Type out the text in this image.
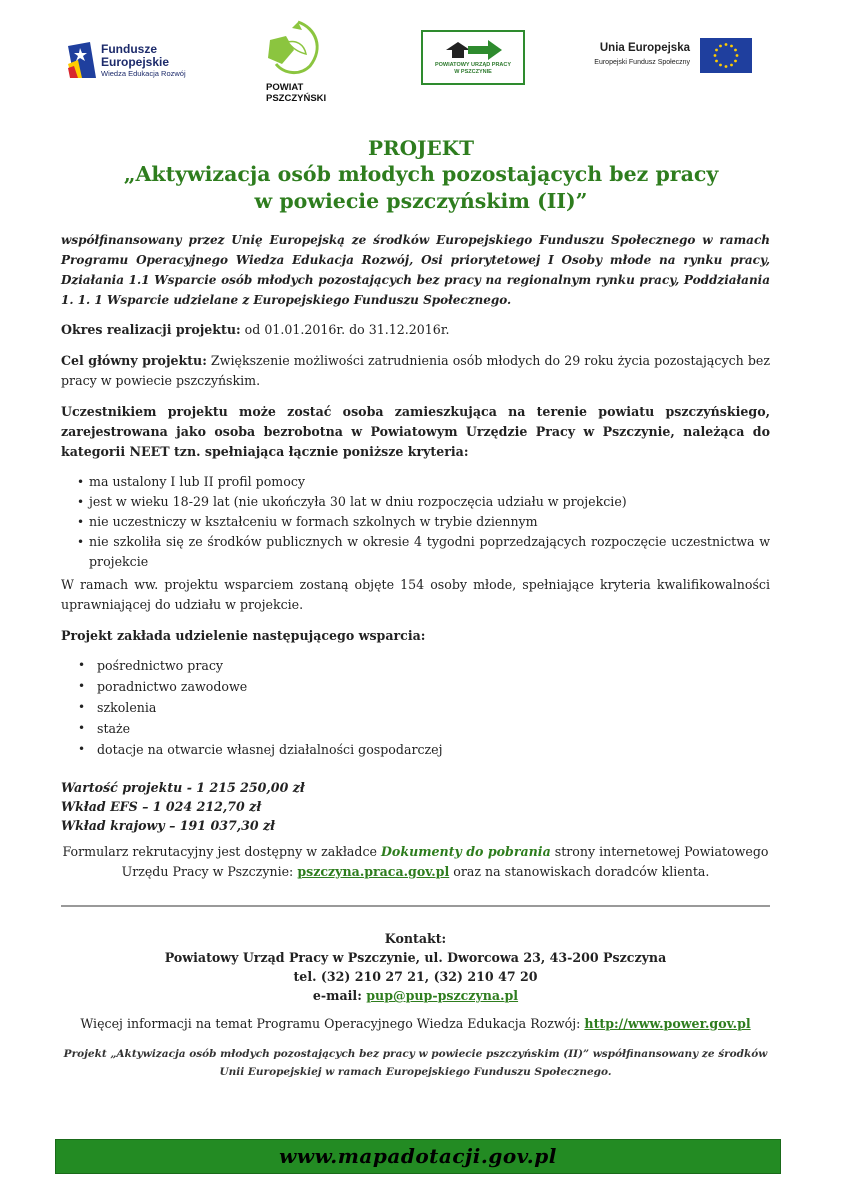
Fundusze
Europejskie
Wiedza Edukacja Rozwój
POWIAT
PSZCZYŃSKI
POWIATOWY URZĄD PRACY
W PSZCZYNIE
Unia Europejska
Europejski Fundusz Społeczny
PROJEKT
„Aktywizacja osób młodych pozostających bez pracy
w powiecie pszczyńskim (II)”
współfinansowany przez Unię Europejską ze środków Europejskiego Funduszu Społecznego w ramach Programu Operacyjnego Wiedza Edukacja Rozwój, Osi priorytetowej I Osoby młode na rynku pracy, Działania 1.1 Wsparcie osób młodych pozostających bez pracy na regionalnym rynku pracy, Poddziałania 1. 1. 1 Wsparcie udzielane z Europejskiego Funduszu Społecznego.
Okres realizacji projektu: od 01.01.2016r. do 31.12.2016r.
Cel główny projektu: Zwiększenie możliwości zatrudnienia osób młodych do 29 roku życia pozostających bez pracy w powiecie pszczyńskim.
Uczestnikiem projektu może zostać osoba zamieszkująca na terenie powiatu pszczyńskiego, zarejestrowana jako osoba bezrobotna w Powiatowym Urzędzie Pracy w Pszczynie, należąca do kategorii NEET tzn. spełniająca łącznie poniższe kryteria:
• ma ustalony I lub II profil pomocy
• jest w wieku 18-29 lat (nie ukończyła 30 lat w dniu rozpoczęcia udziału w projekcie)
• nie uczestniczy w kształceniu w formach szkolnych w trybie dziennym
• nie szkoliła się ze środków publicznych w okresie 4 tygodni poprzedzających rozpoczęcie uczestnictwa w projekcie
W ramach ww. projektu wsparciem zostaną objęte 154 osoby młode, spełniające kryteria kwalifikowalności uprawniającej do udziału w projekcie.
Projekt zakłada udzielenie następującego wsparcia:
• pośrednictwo pracy
• poradnictwo zawodowe
• szkolenia
• staże
• dotacje na otwarcie własnej działalności gospodarczej
Wartość projektu - 1 215 250,00 zł
Wkład EFS – 1 024 212,70 zł
Wkład krajowy – 191 037,30 zł
Formularz rekrutacyjny jest dostępny w zakładce Dokumenty do pobrania strony internetowej Powiatowego Urzędu Pracy w Pszczynie: pszczyna.praca.gov.pl oraz na stanowiskach doradców klienta.
Kontakt:
Powiatowy Urząd Pracy w Pszczynie, ul. Dworcowa 23, 43-200 Pszczyna
tel. (32) 210 27 21, (32) 210 47 20
e-mail: pup@pup-pszczyna.pl
Więcej informacji na temat Programu Operacyjnego Wiedza Edukacja Rozwój: http://www.power.gov.pl
Projekt „Aktywizacja osób młodych pozostających bez pracy w powiecie pszczyńskim (II)” współfinansowany ze środków Unii Europejskiej w ramach Europejskiego Funduszu Społecznego.
www.mapadotacji.gov.pl
